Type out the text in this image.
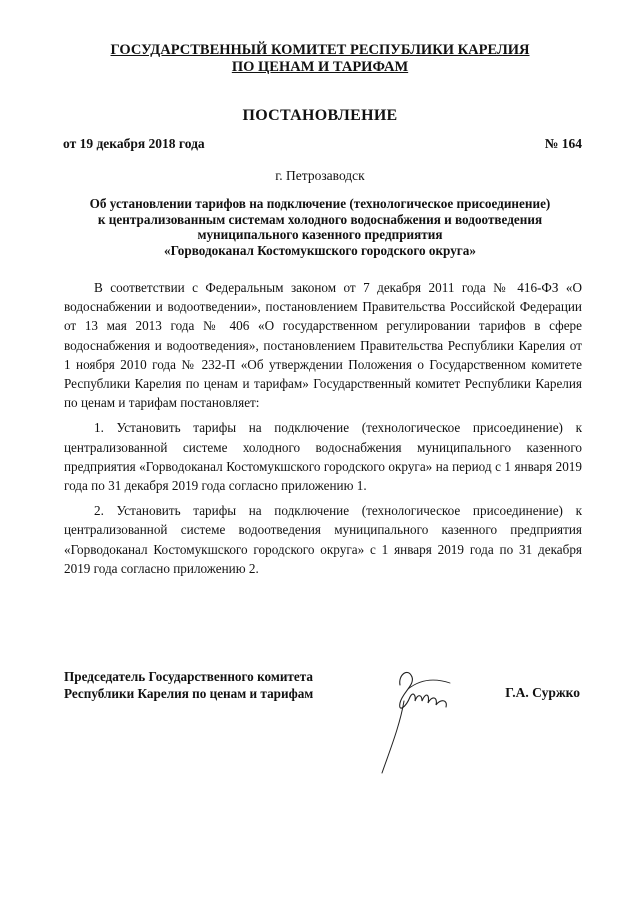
ГОСУДАРСТВЕННЫЙ КОМИТЕТ РЕСПУБЛИКИ КАРЕЛИЯ
ПО ЦЕНАМ И ТАРИФАМ
ПОСТАНОВЛЕНИЕ
от 19 декабря 2018 года	№ 164
г. Петрозаводск
Об установлении тарифов на подключение (технологическое присоединение)
к централизованным системам холодного водоснабжения и водоотведения
муниципального казенного предприятия
«Горводоканал Костомукшского городского округа»

В соответствии с Федеральным законом от 7 декабря 2011 года № 416-ФЗ «О водоснабжении и водоотведении», постановлением Правительства Российской Федерации от 13 мая 2013 года № 406 «О государственном регулировании тарифов в сфере водоснабжения и водоотведения», постановлением Правительства Республики Карелия от 1 ноября 2010 года № 232-П «Об утверждении Положения о Государственном комитете Республики Карелия по ценам и тарифам» Государственный комитет Республики Карелия по ценам и тарифам постановляет:

1. Установить тарифы на подключение (технологическое присоединение) к централизованной системе холодного водоснабжения муниципального казенного предприятия «Горводоканал Костомукшского городского округа» на период с 1 января 2019 года по 31 декабря 2019 года согласно приложению 1.

2. Установить тарифы на подключение (технологическое присоединение) к централизованной системе водоотведения муниципального казенного предприятия «Горводоканал Костомукшского городского округа» с 1 января 2019 года по 31 декабря 2019 года согласно приложению 2.

Председатель Государственного комитета
Республики Карелия по ценам и тарифам	Г.А. Суржко
